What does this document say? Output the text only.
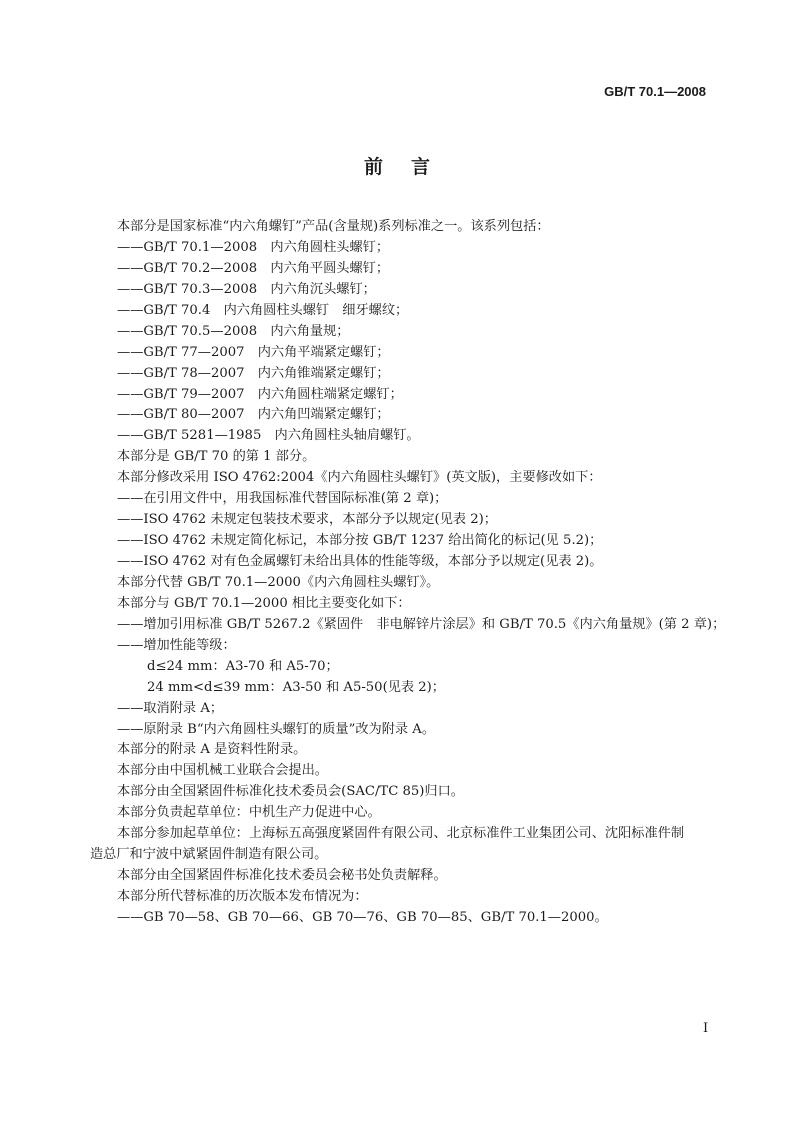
GB/T 70.1—2008
前言
本部分是国家标准“内六角螺钉”产品(含量规)系列标准之一。该系列包括：
——GB/T 70.1—2008　内六角圆柱头螺钉；
——GB/T 70.2—2008　内六角平圆头螺钉；
——GB/T 70.3—2008　内六角沉头螺钉；
——GB/T 70.4　内六角圆柱头螺钉　细牙螺纹；
——GB/T 70.5—2008　内六角量规；
——GB/T 77—2007　内六角平端紧定螺钉；
——GB/T 78—2007　内六角锥端紧定螺钉；
——GB/T 79—2007　内六角圆柱端紧定螺钉；
——GB/T 80—2007　内六角凹端紧定螺钉；
——GB/T 5281—1985　内六角圆柱头轴肩螺钉。
本部分是 GB/T 70 的第 1 部分。
本部分修改采用 ISO 4762:2004《内六角圆柱头螺钉》(英文版)，主要修改如下：
——在引用文件中，用我国标准代替国际标准(第 2 章)；
——ISO 4762 未规定包装技术要求，本部分予以规定(见表 2)；
——ISO 4762 未规定简化标记，本部分按 GB/T 1237 给出简化的标记(见 5.2)；
——ISO 4762 对有色金属螺钉未给出具体的性能等级，本部分予以规定(见表 2)。
本部分代替 GB/T 70.1—2000《内六角圆柱头螺钉》。
本部分与 GB/T 70.1—2000 相比主要变化如下：
——增加引用标准 GB/T 5267.2《紧固件　非电解锌片涂层》和 GB/T 70.5《内六角量规》(第 2 章)；
——增加性能等级：
d≤24 mm：A3-70 和 A5-70；
24 mm<d≤39 mm：A3-50 和 A5-50(见表 2)；
——取消附录 A；
——原附录 B“内六角圆柱头螺钉的质量”改为附录 A。
本部分的附录 A 是资料性附录。
本部分由中国机械工业联合会提出。
本部分由全国紧固件标准化技术委员会(SAC/TC 85)归口。
本部分负责起草单位：中机生产力促进中心。
本部分参加起草单位：上海标五高强度紧固件有限公司、北京标准件工业集团公司、沈阳标准件制
造总厂和宁波中斌紧固件制造有限公司。
本部分由全国紧固件标准化技术委员会秘书处负责解释。
本部分所代替标准的历次版本发布情况为：
——GB 70—58、GB 70—66、GB 70—76、GB 70—85、GB/T 70.1—2000。
I
